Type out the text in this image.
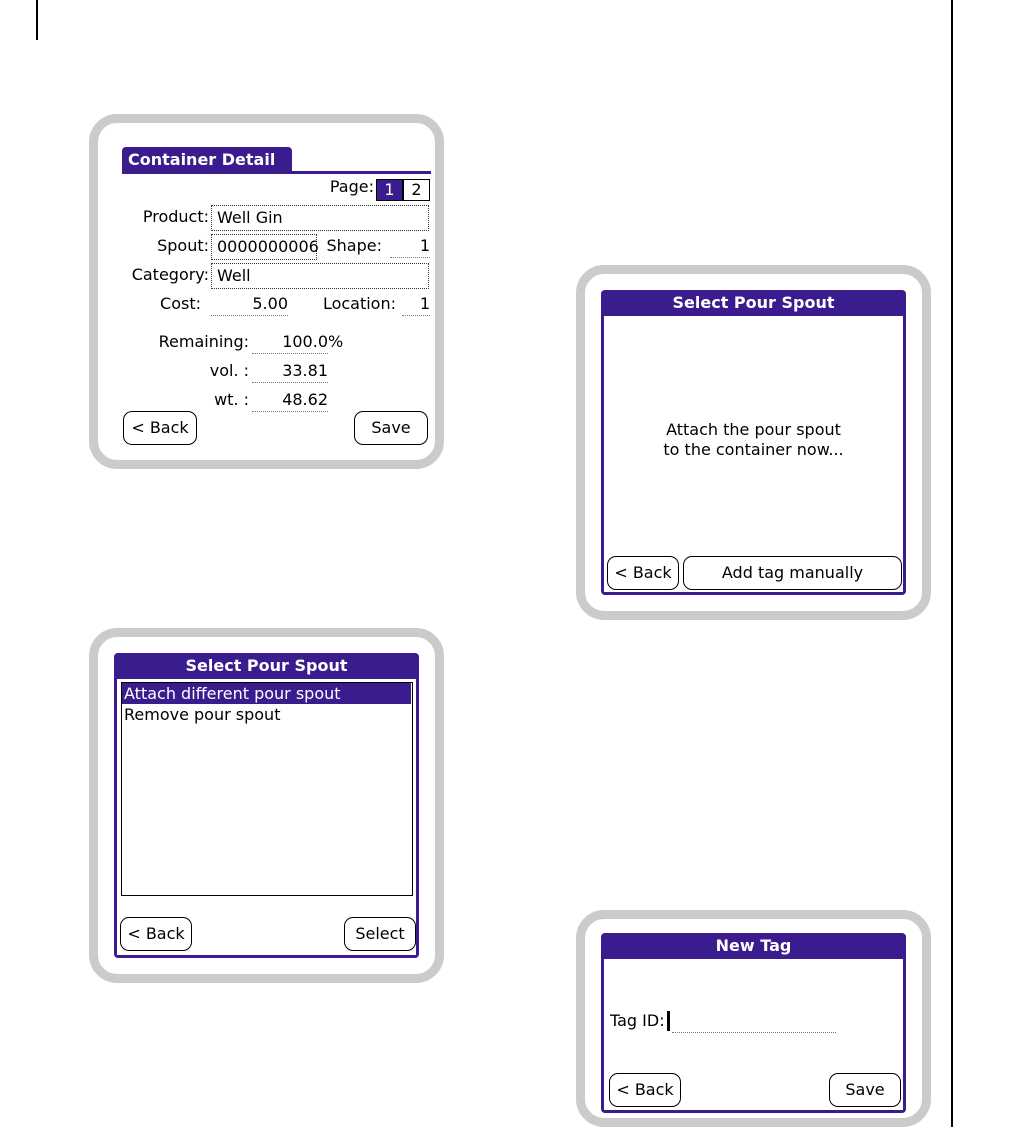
Container Detail
Page: 1	2
Product: Well Gin
Spout: 0000000006 Shape:	1
Category: Well
Cost:	5.00	Location:	1
Remaining:	100.0 %
vol. :	33.81
wt. :	48.62
< Back	Save
Select Pour Spout
Attach different pour spout
Remove pour spout
< Back	Select
Select Pour Spout
Attach the pour spout
to the container now...
< Back	Add tag manually
New Tag
Tag ID:
< Back	Save
